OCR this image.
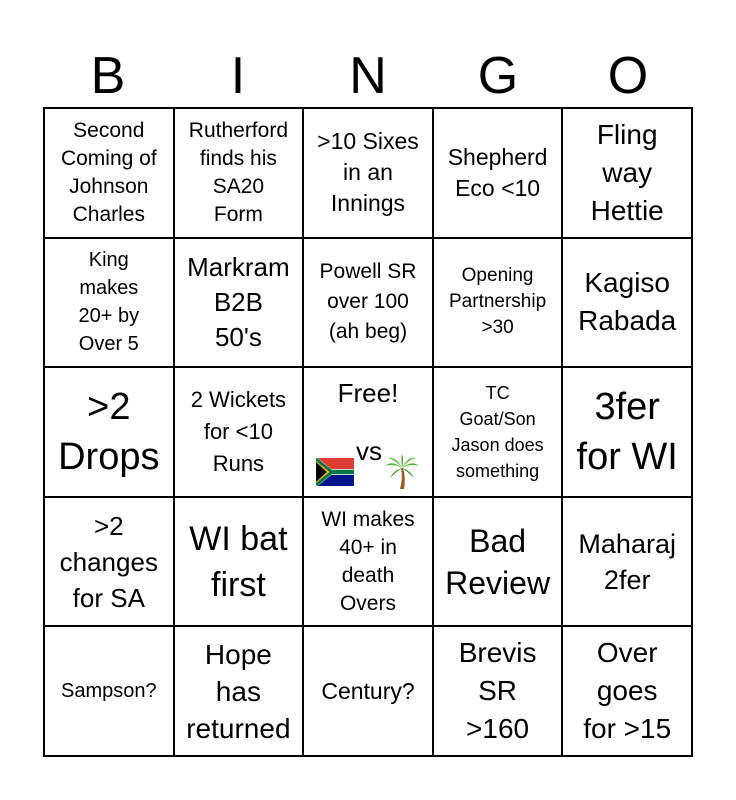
B	I	N	G	O
Second
Coming of
Johnson
Charles
Rutherford
finds his
SA20
Form
>10 Sixes
in an
Innings
Shepherd
Eco <10
Fling
way
Hettie
King
makes
20+ by
Over 5
Markram
B2B
50's
Powell SR
over 100
(ah beg)
Opening
Partnership
>30
Kagiso
Rabada
>2
Drops
2 Wickets
for <10
Runs
Free!

vs

TC
Goat/Son
Jason does
something
3fer
for WI
>2
changes
for SA
WI bat
first
WI makes
40+ in
death
Overs
Bad
Review
Maharaj
2fer
Sampson?
Hope
has
returned
Century?
Brevis
SR
>160
Over
goes
for >15
